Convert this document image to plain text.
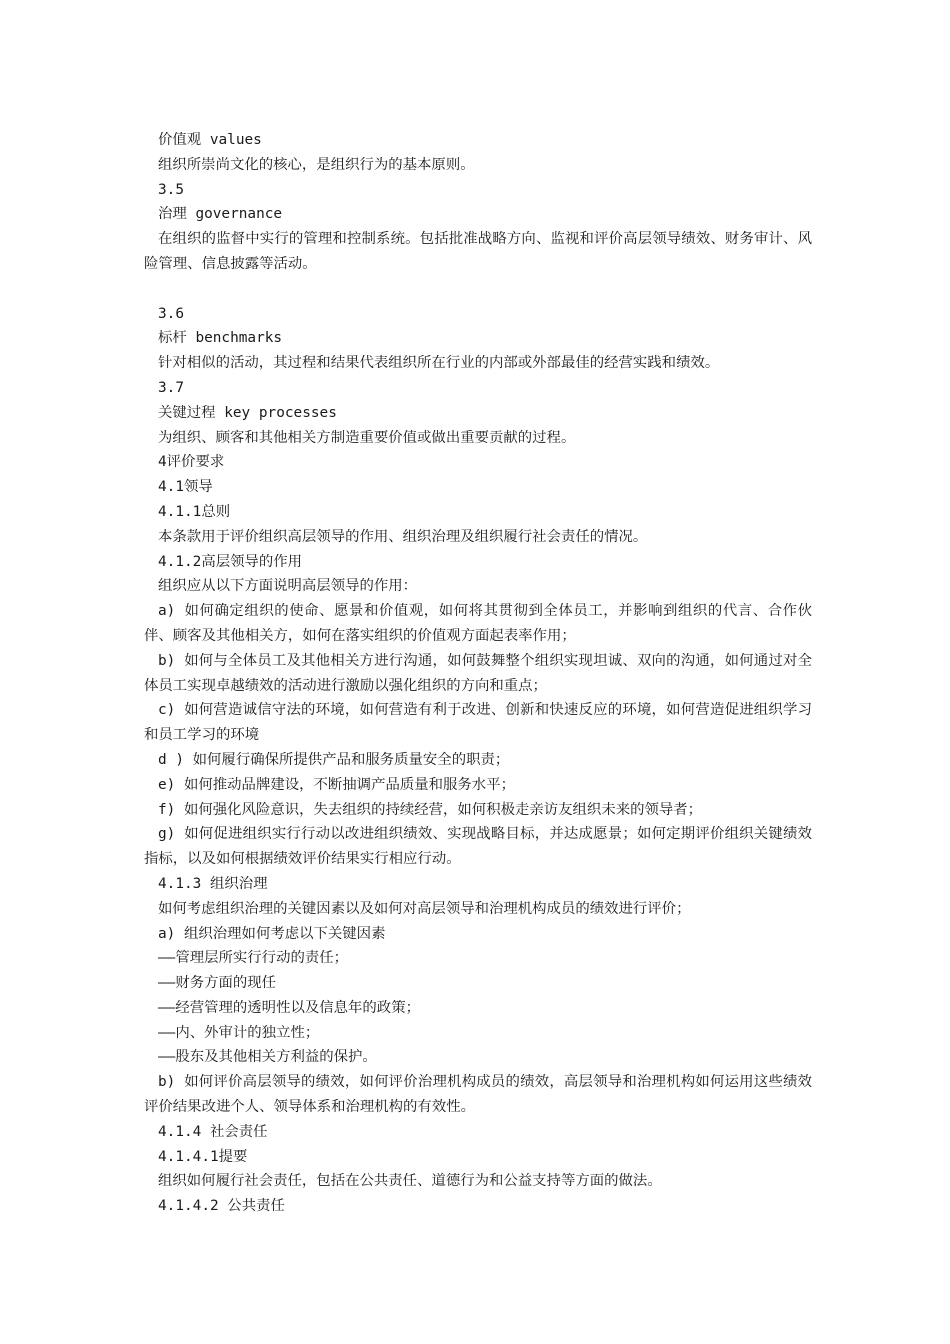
价值观 values
组织所崇尚文化的核心，是组织行为的基本原则。
3.5
治理 governance
在组织的监督中实行的管理和控制系统。包括批准战略方向、监视和评价高层领导绩效、财务审计、风险管理、信息披露等活动。
3.6
标杆 benchmarks
针对相似的活动，其过程和结果代表组织所在行业的内部或外部最佳的经营实践和绩效。
3.7
关键过程 key processes
为组织、顾客和其他相关方制造重要价值或做出重要贡献的过程。
4评价要求
4.1领导
4.1.1总则
本条款用于评价组织高层领导的作用、组织治理及组织履行社会责任的情况。
4.1.2高层领导的作用
组织应从以下方面说明高层领导的作用：
a) 如何确定组织的使命、愿景和价值观，如何将其贯彻到全体员工，并影响到组织的代言、合作伙伴、顾客及其他相关方，如何在落实组织的价值观方面起表率作用；
b) 如何与全体员工及其他相关方进行沟通，如何鼓舞整个组织实现坦诚、双向的沟通，如何通过对全体员工实现卓越绩效的活动进行激励以强化组织的方向和重点；
c) 如何营造诚信守法的环境，如何营造有利于改进、创新和快速反应的环境，如何营造促进组织学习和员工学习的环境
d ) 如何履行确保所提供产品和服务质量安全的职责；
e) 如何推动品牌建设，不断抽调产品质量和服务水平；
f) 如何强化风险意识，失去组织的持续经营，如何积极走亲访友组织未来的领导者；
g) 如何促进组织实行行动以改进组织绩效、实现战略目标，并达成愿景；如何定期评价组织关键绩效指标，以及如何根据绩效评价结果实行相应行动。
4.1.3 组织治理
如何考虑组织治理的关键因素以及如何对高层领导和治理机构成员的绩效进行评价；
a) 组织治理如何考虑以下关键因素
——管理层所实行行动的责任；
——财务方面的现任
——经营管理的透明性以及信息年的政策；
——内、外审计的独立性；
——股东及其他相关方利益的保护。
b) 如何评价高层领导的绩效，如何评价治理机构成员的绩效，高层领导和治理机构如何运用这些绩效评价结果改进个人、领导体系和治理机构的有效性。
4.1.4 社会责任
4.1.4.1提要
组织如何履行社会责任，包括在公共责任、道德行为和公益支持等方面的做法。
4.1.4.2 公共责任
